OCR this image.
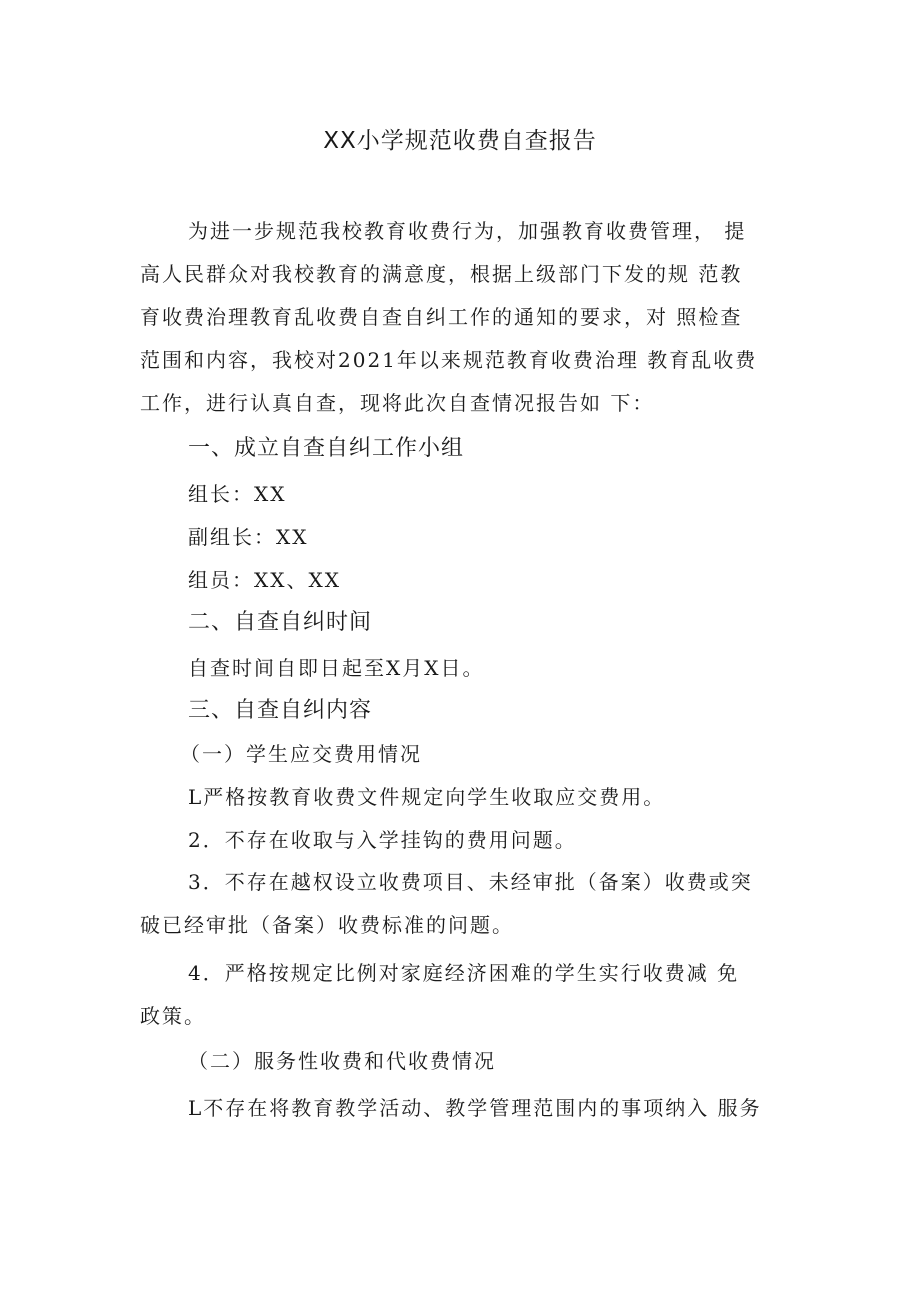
XX小学规范收费自查报告
为进一步规范我校教育收费行为，加强教育收费管理， 提
高人民群众对我校教育的满意度，根据上级部门下发的规 范教
育收费治理教育乱收费自查自纠工作的通知的要求，对 照检查
范围和内容，我校对2021年以来规范教育收费治理 教育乱收费
工作，进行认真自查，现将此次自查情况报告如 下：
一、成立自查自纠工作小组

组长：XX

副组长：XX

组员：XX、XX

二、自查自纠时间

自查时间自即日起至X月X日。

三、自查自纠内容

（一）学生应交费用情况

L严格按教育收费文件规定向学生收取应交费用。

2．不存在收取与入学挂钩的费用问题。

3．不存在越权设立收费项目、未经审批（备案）收费或突
破已经审批（备案）收费标准的问题。
4．严格按规定比例对家庭经济困难的学生实行收费减 免
政策。

（二）服务性收费和代收费情况

L不存在将教育教学活动、教学管理范围内的事项纳入 服务
